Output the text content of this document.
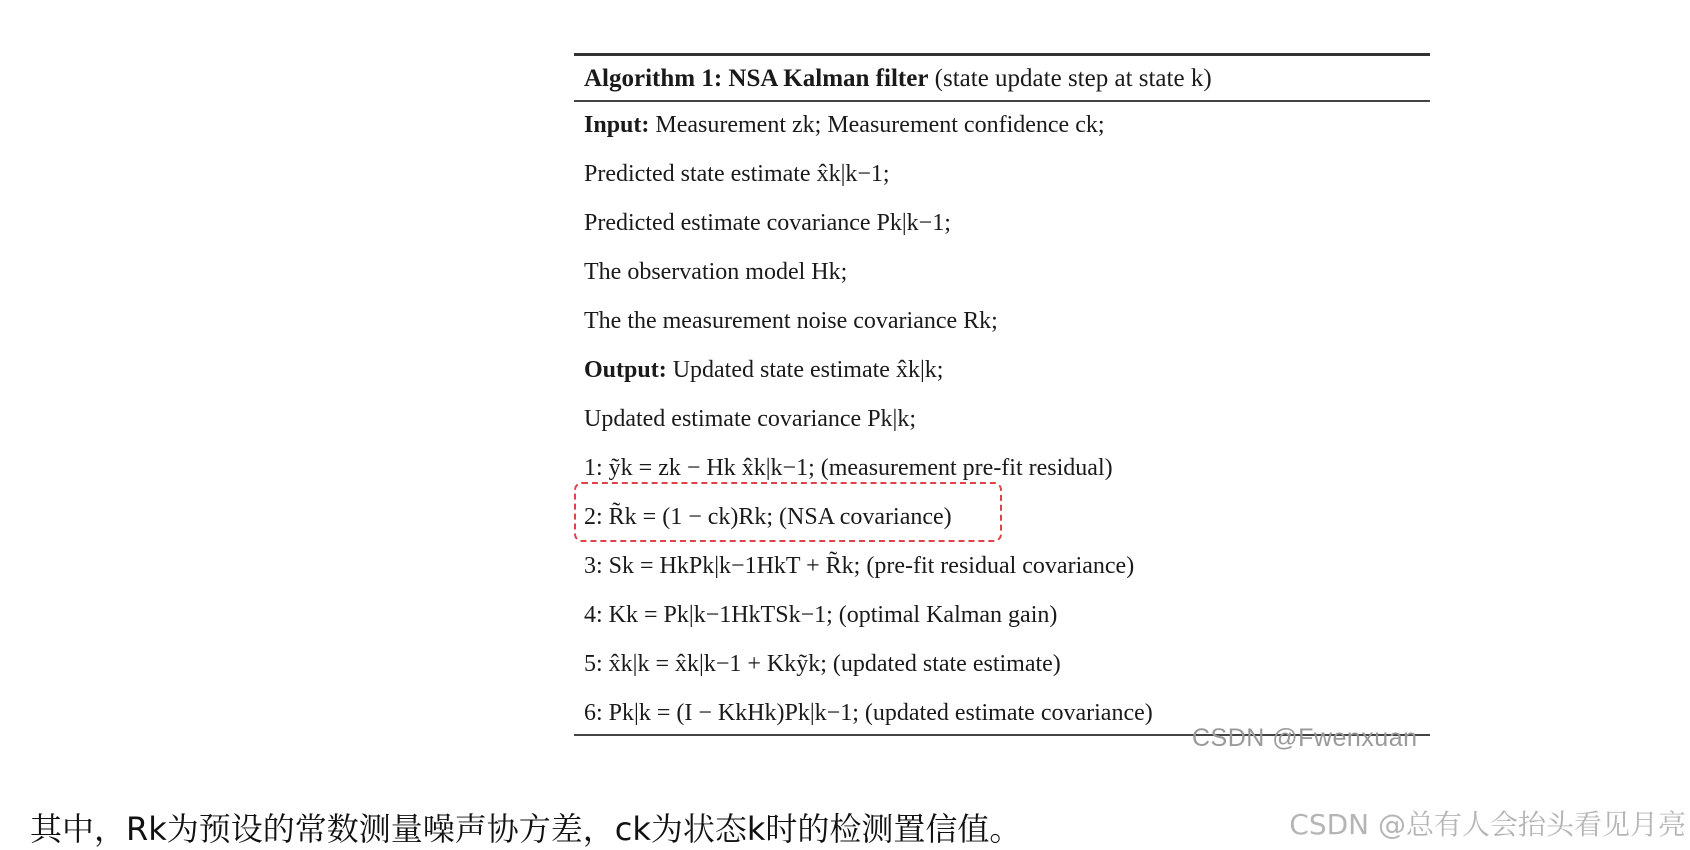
Algorithm 1: NSA Kalman filter (state update step at state k)
Input: Measurement zk; Measurement confidence ck;
Predicted state estimate x̂k|k−1;
Predicted estimate covariance Pk|k−1;
The observation model Hk;
The the measurement noise covariance Rk;
Output: Updated state estimate x̂k|k;
Updated estimate covariance Pk|k;
1: ỹk = zk − Hk x̂k|k−1; (measurement pre-fit residual)
2: R̃k = (1 − ck)Rk; (NSA covariance)
3: Sk = HkPk|k−1HkT + R̃k; (pre-fit residual covariance)
4: Kk = Pk|k−1HkTSk−1; (optimal Kalman gain)
5: x̂k|k = x̂k|k−1 + Kkỹk; (updated state estimate)
6: Pk|k = (I − KkHk)Pk|k−1; (updated estimate covariance)
CSDN @Fwenxuan
其中，Rk为预设的常数测量噪声协方差，ck为状态k时的检测置信值。	CSDN @总有人会抬头看见月亮
